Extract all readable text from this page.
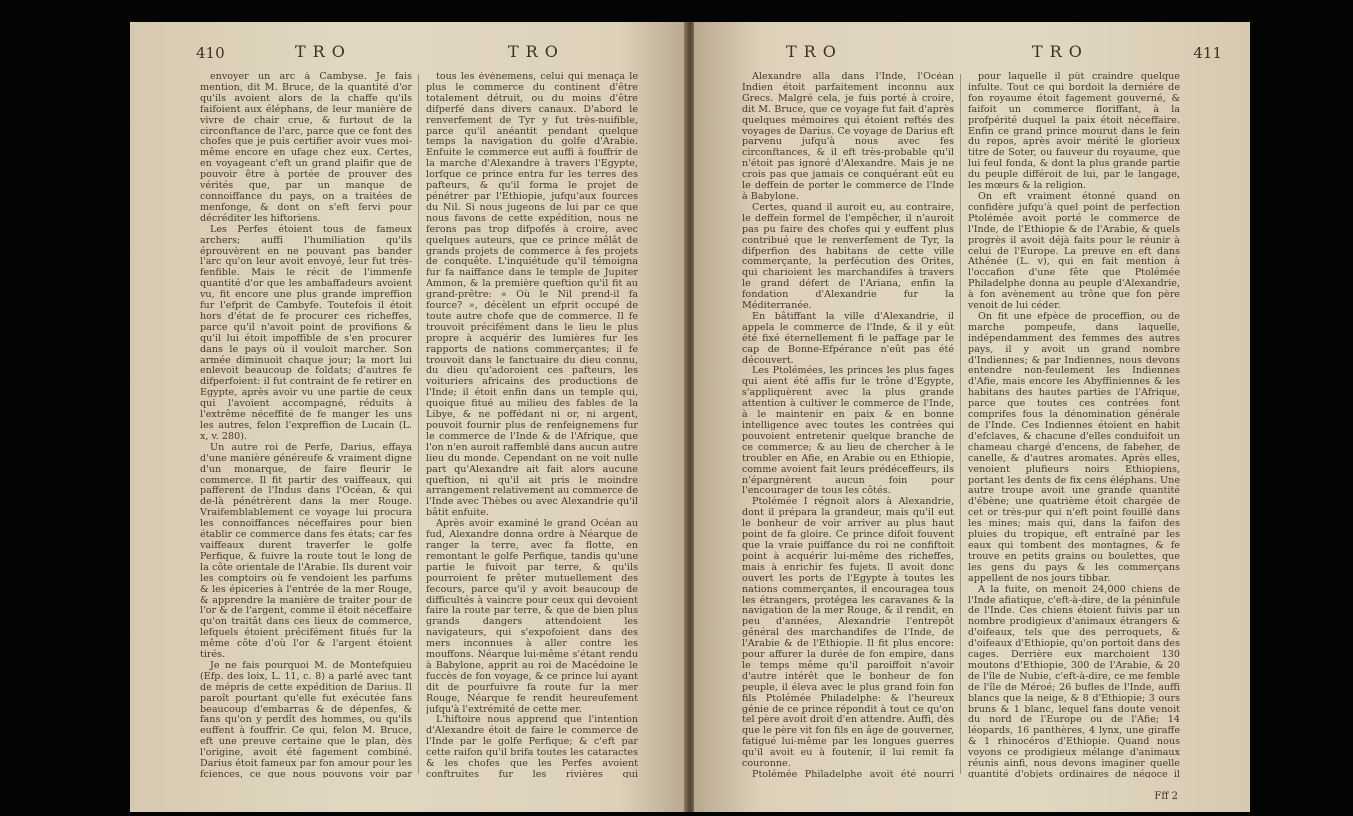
410	TRO	TRO

envoyer un arc à Cambyse. Je fais mention, dit M. Bruce, de la quantité d'or qu'ils avoient alors de la chaffe qu'ils faifoient aux éléphans, de leur manière de vivre de chair crue, & furtout de la circonftance de l'arc, parce que ce font des chofes que je puis certifier avoir vues moi-même encore en ufage chez eux. Certes, en voyageant c'eft un grand plaifir que de pouvoir être à portée de prouver des vérités que, par un manque de connoiffance du pays, on a traitées de menfonge, & dont on s'eft fervi pour décréditer les hiftoriens.

Les Perfes étoient tous de fameux archers; auffi l'humiliation qu'ils éprouvèrent en ne pouvant pas bander l'arc qu'on leur avoit envoyé, leur fut très-fenfible. Mais le récit de l'immenfe quantité d'or que les ambaffadeurs avoient vu, fit encore une plus grande impreffion fur l'efprit de Cambyfe. Toutefois il étoit hors d'état de fe procurer ces richeffes, parce qu'il n'avoit point de provifions & qu'il lui étoit impoffible de s'en procurer dans le pays où il vouloit marcher. Son armée diminuoit chaque jour; la mort lui enlevoit beaucoup de foldats; d'autres fe difperfoient: il fut contraint de fe retirer en Egypte, après avoir vu une partie de ceux qui l'avoient accompagné, réduits à l'extrême néceffité de fe manger les uns les autres, felon l'expreffion de Lucain (L. x, v. 280).

Un autre roi de Perfe, Darius, effaya d'une manière généreufe & vraiment digne d'un monarque, de faire fleurir le commerce. Il fit partir des vaiffeaux, qui pafferent de l'Indus dans l'Océan, & qui de-là pénétrèrent dans la mer Rouge. Vraifemblablement ce voyage lui procura les connoiffances néceffaires pour bien établir ce commerce dans fes états; car fes vaiffeaux durent traverfer le golfe Perfique, & fuivre la route tout le long de la côte orientale de l'Arabie. Ils durent voir les comptoirs où fe vendoient les parfums & les épiceries à l'entrée de la mer Rouge, & apprendre la manière de traiter pour de l'or & de l'argent, comme il étoit néceffaire qu'on traitât dans ces lieux de commerce, lefquels étoient précifément fitués fur la même côte d'où l'or & l'argent étoient tirés.

Je ne fais pourquoi M. de Montefquieu (Efp. des loix, L. 11, c. 8) a parlé avec tant de mépris de cette expédition de Darius. Il paroît pourtant qu'elle fut exécutée fans beaucoup d'embarras & de dépenfes, & fans qu'on y perdît des hommes, ou qu'ils euffent à fouffrir. Ce qui, felon M. Bruce, eft une preuve certaine que le plan, dès l'origine, avoit été fagement combiné. Darius étoit fameux par fon amour pour les fciences, ce que nous pouvons voir par

tous les événemens, celui qui menaça le plus le commerce du continent d'être totalement détruit, ou du moins d'être difperfé dans divers canaux. D'abord le renverfement de Tyr y fut très-nuifible, parce qu'il anéantit pendant quelque temps la navigation du golfe d'Arabie. Enfuite le commerce eut auffi à fouffrir de la marche d'Alexandre à travers l'Egypte, lorfque ce prince entra fur les terres des pafteurs, & qu'il forma le projet de pénétrer par l'Ethiopie, jufqu'aux fources du Nil. Si nous jugeons de lui par ce que nous favons de cette expédition, nous ne ferons pas trop difpofés à croire, avec quelques auteurs, que ce prince mêlât de grands projets de commerce à fes projets de conquête. L'inquiétude qu'il témoigna fur fa naiffance dans le temple de Jupiter Ammon, & la première queftion qu'il fit au grand-prêtre: « Où le Nil prend-il fa fource? », décèlent un efprit occupé de toute autre chofe que de commerce. Il fe trouvoit précifément dans le lieu le plus propre à acquérir des lumières fur les rapports de nations commerçantes; il fe trouvoit dans le fanctuaire du dieu connu, du dieu qu'adoroient ces pafteurs, les voituriers africains des productions de l'Inde; il étoit enfin dans un temple qui, quoique fitué au milieu des fables de la Libye, & ne poffédant ni or, ni argent, pouvoit fournir plus de renfeignemens fur le commerce de l'Inde & de l'Afrique, que l'on n'en auroit raffemblé dans aucun autre lieu du monde. Cependant on ne voit nulle part qu'Alexandre ait fait alors aucune queftion, ni qu'il ait pris le moindre arrangement relativement au commerce de l'Inde avec Thèbes ou avec Alexandrie qu'il bâtit enfuite.

Après avoir examiné le grand Océan au fud, Alexandre donna ordre à Néarque de ranger la terre, avec fa flotte, en remontant le golfe Perfique, tandis qu'une partie le fuivoit par terre, & qu'ils pourroient fe prêter mutuellement des fecours, parce qu'il y avoit beaucoup de difficultés à vaincre pour ceux qui devoient faire la route par terre, & que de bien plus grands dangers attendoient les navigateurs, qui s'expofoient dans des mers inconnues à aller contre les mouffons. Néarque lui-même s'étant rendu à Babylone, apprit au roi de Macédoine le fuccès de fon voyage, & ce prince lui ayant dit de pourfuivre fa route fur la mer Rouge, Néarque fe rendit heureufement jufqu'à l'extrémité de cette mer.

L'hiftoire nous apprend que l'intention d'Alexandre étoit de faire le commerce de l'Inde par le golfe Perfique; & c'eft par cette raifon qu'il brifa toutes les cataractes & les chofes que les Perfes avoient conftruites fur les rivières qui

TRO	TRO	411

Alexandre alla dans l'Inde, l'Océan Indien étoit parfaitement inconnu aux Grecs. Malgré cela, je fuis porté à croire, dit M. Bruce, que ce voyage fut fait d'après quelques mémoires qui étoient reftés des voyages de Darius. Ce voyage de Darius eft parvenu jufqu'à nous avec fes circonftances, & il eft très-probable qu'il n'étoit pas ignoré d'Alexandre. Mais je ne crois pas que jamais ce conquérant eût eu le deffein de porter le commerce de l'Inde à Babylone.

Certes, quand il auroit eu, au contraire, le deffein formel de l'empêcher, il n'auroit pas pu faire des chofes qui y euffent plus contribué que le renverfement de Tyr, la difperfion des habitans de cette ville commerçante, la perfécution des Orites, qui charioient les marchandifes à travers le grand défert de l'Ariana, enfin la fondation d'Alexandrie fur la Méditerranée.

En bâtiffant la ville d'Alexandrie, il appela le commerce de l'Inde, & il y eût été fixé éternellement fi le paffage par le cap de Bonne-Efpérance n'eût pas été découvert.

Les Ptolémées, les princes les plus fages qui aient été affis fur le trône d'Egypte, s'appliquèrent avec la plus grande attention à cultiver le commerce de l'Inde, à le maintenir en paix & en bonne intelligence avec toutes les contrées qui pouvoient entretenir quelque branche de ce commerce; & au lieu de chercher à le troubler en Afie, en Arabie ou en Ethiopie, comme avoient fait leurs prédéceffeurs, ils n'épargnèrent aucun foin pour l'encourager de tous les côtés.

Ptolémée I régnoit alors à Alexandrie, dont il prépara la grandeur, mais qu'il eut le bonheur de voir arriver au plus haut point de fa gloire. Ce prince difoit fouvent que la vraie puiffance du roi ne confiftoit point à acquérir lui-même des richeffes, mais à enrichir fes fujets. Il avoit donc ouvert les ports de l'Egypte à toutes les nations commerçantes, il encouragea tous les étrangers, protégea les caravanes & la navigation de la mer Rouge, & il rendit, en peu d'années, Alexandrie l'entrepôt général des marchandifes de l'Inde, de l'Arabie & de l'Ethiopie. Il fit plus encore: pour affurer la durée de fon empire, dans le temps même qu'il paroiffoit n'avoir d'autre intérêt que le bonheur de fon peuple, il éleva avec le plus grand foin fon fils Ptolémée Philadelphe: & l'heureux génie de ce prince répondit à tout ce qu'on tel père avoit droit d'en attendre. Auffi, dès que le père vit fon fils en âge de gouverner, fatigué lui-même par les longues guerres qu'il avoit eu à foutenir, il lui remit fa couronne.

Ptolémée Philadelphe avoit été nourri

pour laquelle il pût craindre quelque infulte. Tout ce qui bordoit la derniére de fon royaume étoit fagement gouverné, & faifoit un commerce floriffant, à la profpérité duquel la paix étoit néceffaire. Enfin ce grand prince mourut dans le fein du repos, après avoir mérité le glorieux titre de Soter, ou fauveur du royaume, que lui feul fonda, & dont la plus grande partie du peuple différoit de lui, par le langage, les mœurs & la religion.

On eft vraiment étonné quand on confidère jufqu'à quel point de perfection Ptolémée avoit porté le commerce de l'Inde, de l'Ethiopie & de l'Arabie, & quels progrès il avoit déjà faits pour le réunir à celui de l'Europe. La preuve en eft dans Athénée (L. v), qui en fait mention à l'occafion d'une fête que Ptolémée Philadelphe donna au peuple d'Alexandrie, à fon avènement au trône que fon père venoit de lui céder.

On fit une efpèce de proceffion, ou de marche pompeufe, dans laquelle, indépendamment des femmes des autres pays, il y avoit un grand nombre d'Indiennes; & par Indiennes, nous devons entendre non-feulement les Indiennes d'Afie, mais encore les Abyffiniennes & les habitans des hautes parties de l'Afrique, parce que toutes ces contrées font comprifes fous la dénomination générale de l'Inde. Ces Indiennes étoient en habit d'efclaves, & chacune d'elles conduifoit un chameau chargé d'encens, de fabeher, de canelle, & d'autres aromates. Après elles, venoient plufieurs noirs Ethiopiens, portant les dents de fix cens éléphans. Une autre troupe avoit une grande quantité d'ébène; une quatrième étoit chargée de cet or très-pur qui n'eft point fouillé dans les mines; mais qui, dans la faifon des pluies du tropique, eft entraîné par les eaux qui tombent des montagnes, & fe trouve en petits grains ou boulettes, que les gens du pays & les commerçans appellent de nos jours tibbar.

A la fuite, on menoit 24,000 chiens de l'Inde afiatique, c'eft-à-dire, de la péninfule de l'Inde. Ces chiens étoient fuivis par un nombre prodigieux d'animaux étrangers & d'oifeaux, tels que des perroquets, & d'oifeaux d'Ethiopie, qu'on portoit dans des cages. Derrière eux marchoient 130 moutons d'Ethiopie, 300 de l'Arabie, & 20 de l'île de Nubie, c'eft-à-dire, ce me femble de l'île de Méroé; 26 bufles de l'Inde, auffi blancs que la neige, & 8 d'Ethiopie; 3 ours bruns & 1 blanc, lequel fans doute venoit du nord de l'Europe ou de l'Afie; 14 léopards, 16 panthères, 4 lynx, une giraffe & 1 rhinocéros d'Ethiopie. Quand nous voyons ce prodigieux mélange d'animaux réunis ainfi, nous devons imaginer quelle quantité d'objets ordinaires de négoce il

Fff 2
